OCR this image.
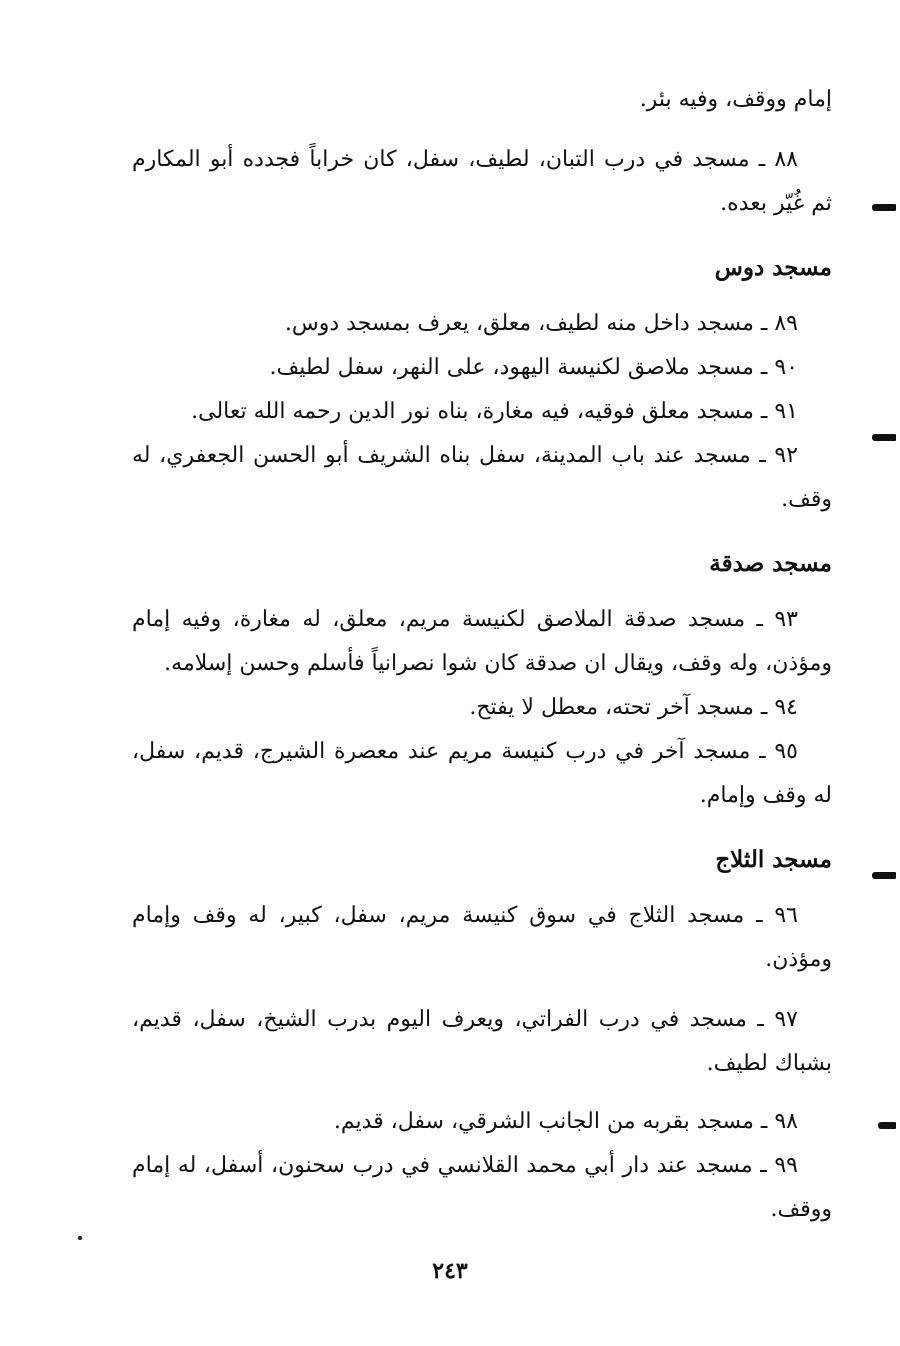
إمام ووقف، وفيه بئر.

٨٨ ـ مسجد في درب التبان، لطيف، سفل، كان خراباً فجدده أبو المكارم ثم غُيّر بعده.

مسجد دوس

٨٩ ـ مسجد داخل منه لطيف، معلق، يعرف بمسجد دوس.

٩٠ ـ مسجد ملاصق لكنيسة اليهود، على النهر، سفل لطيف.

٩١ ـ مسجد معلق فوقيه، فيه مغارة، بناه نور الدين رحمه الله تعالى.

٩٢ ـ مسجد عند باب المدينة، سفل بناه الشريف أبو الحسن الجعفري، له وقف.

مسجد صدقة

٩٣ ـ مسجد صدقة الملاصق لكنيسة مريم، معلق، له مغارة، وفيه إمام ومؤذن، وله وقف، ويقال ان صدقة كان شوا نصرانياً فأسلم وحسن إسلامه.

٩٤ ـ مسجد آخر تحته، معطل لا يفتح.

٩٥ ـ مسجد آخر في درب كنيسة مريم عند معصرة الشيرج، قديم، سفل، له وقف وإمام.

مسجد الثلاج

٩٦ ـ مسجد الثلاج في سوق كنيسة مريم، سفل، كبير، له وقف وإمام ومؤذن.

٩٧ ـ مسجد في درب الفراتي، ويعرف اليوم بدرب الشيخ، سفل، قديم، بشباك لطيف.

٩٨ ـ مسجد بقربه من الجانب الشرقي، سفل، قديم.

٩٩ ـ مسجد عند دار أبي محمد القلانسي في درب سحنون، أسفل، له إمام ووقف.

٢٤٣
